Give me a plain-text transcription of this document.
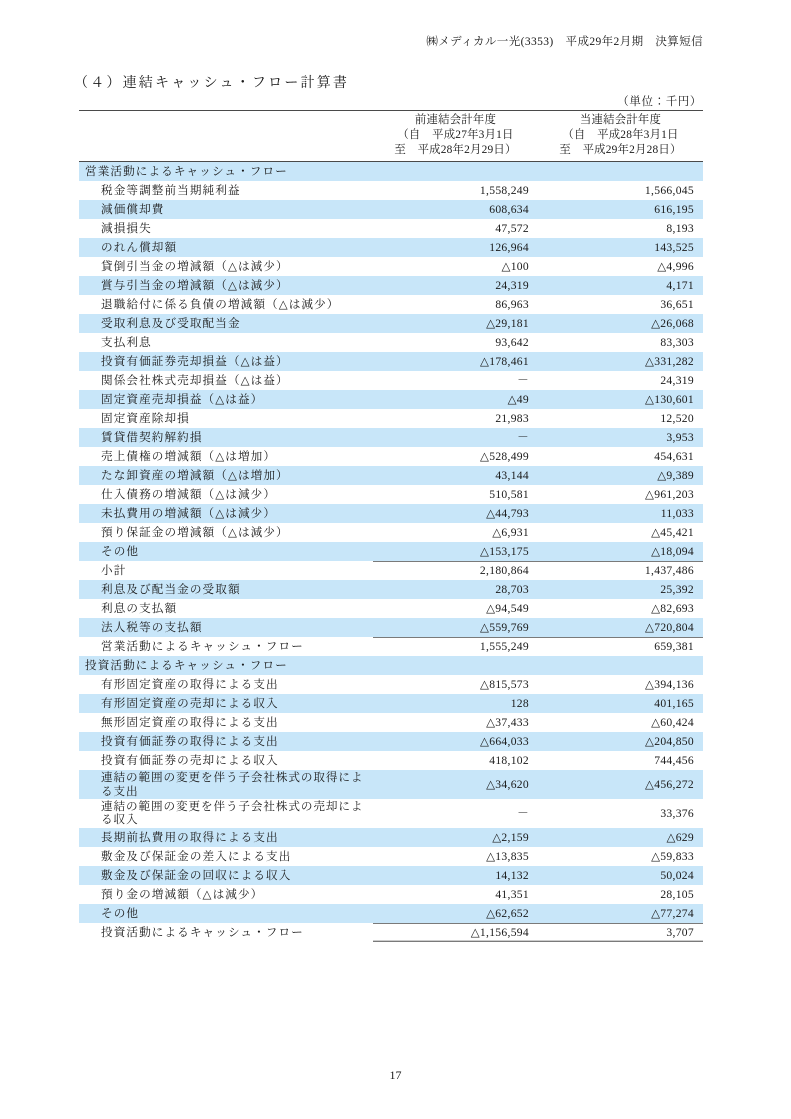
㈱メディカル一光(3353)　平成29年2月期　決算短信
（４）連結キャッシュ・フロー計算書
（単位：千円）

	前連結会計年度
（自　平成27年3月1日
至　平成28年2月29日）	当連結会計年度
（自　平成28年3月1日
至　平成29年2月28日）

営業活動によるキャッシュ・フロー		
税金等調整前当期純利益	1,558,249	1,566,045
減価償却費	608,634	616,195
減損損失	47,572	8,193
のれん償却額	126,964	143,525
貸倒引当金の増減額（△は減少）	△100	△4,996
賞与引当金の増減額（△は減少）	24,319	4,171
退職給付に係る負債の増減額（△は減少）	86,963	36,651
受取利息及び受取配当金	△29,181	△26,068
支払利息	93,642	83,303
投資有価証券売却損益（△は益）	△178,461	△331,282
関係会社株式売却損益（△は益）	－	24,319
固定資産売却損益（△は益）	△49	△130,601
固定資産除却損	21,983	12,520
賃貸借契約解約損	－	3,953
売上債権の増減額（△は増加）	△528,499	454,631
たな卸資産の増減額（△は増加）	43,144	△9,389
仕入債務の増減額（△は減少）	510,581	△961,203
未払費用の増減額（△は減少）	△44,793	11,033
預り保証金の増減額（△は減少）	△6,931	△45,421
その他	△153,175	△18,094
小計	2,180,864	1,437,486
利息及び配当金の受取額	28,703	25,392
利息の支払額	△94,549	△82,693
法人税等の支払額	△559,769	△720,804
営業活動によるキャッシュ・フロー	1,555,249	659,381
投資活動によるキャッシュ・フロー		
有形固定資産の取得による支出	△815,573	△394,136
有形固定資産の売却による収入	128	401,165
無形固定資産の取得による支出	△37,433	△60,424
投資有価証券の取得による支出	△664,033	△204,850
投資有価証券の売却による収入	418,102	744,456
連結の範囲の変更を伴う子会社株式の取得による支出	△34,620	△456,272
連結の範囲の変更を伴う子会社株式の売却による収入	－	33,376
長期前払費用の取得による支出	△2,159	△629
敷金及び保証金の差入による支出	△13,835	△59,833
敷金及び保証金の回収による収入	14,132	50,024
預り金の増減額（△は減少）	41,351	28,105
その他	△62,652	△77,274
投資活動によるキャッシュ・フロー	△1,156,594	3,707
17
